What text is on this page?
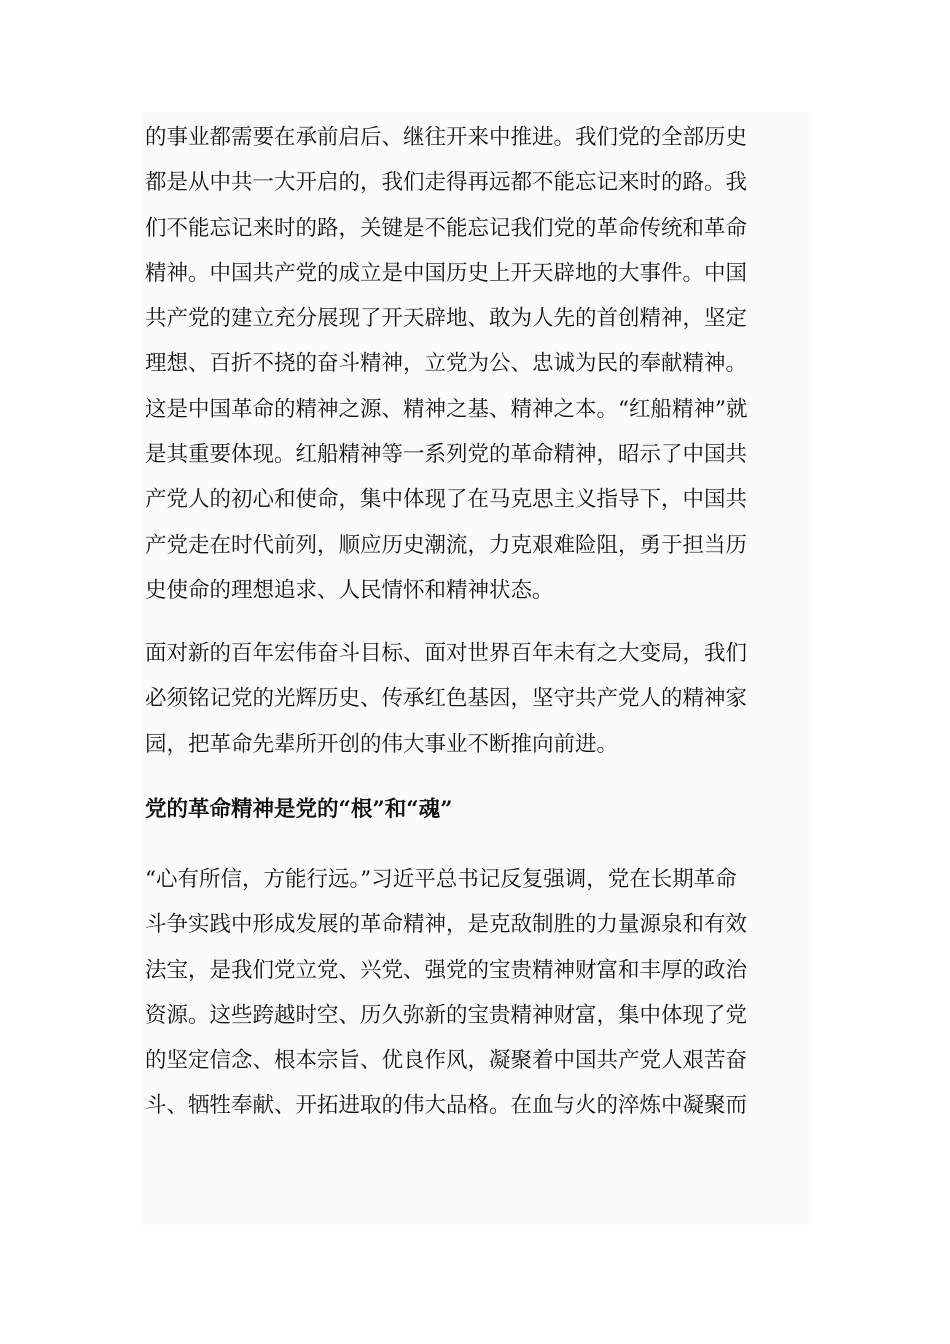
的事业都需要在承前启后、继往开来中推进。我们党的全部历史
都是从中共一大开启的，我们走得再远都不能忘记来时的路。我
们不能忘记来时的路，关键是不能忘记我们党的革命传统和革命
精神。中国共产党的成立是中国历史上开天辟地的大事件。中国
共产党的建立充分展现了开天辟地、敢为人先的首创精神，坚定
理想、百折不挠的奋斗精神，立党为公、忠诚为民的奉献精神。
这是中国革命的精神之源、精神之基、精神之本。“红船精神”就
是其重要体现。红船精神等一系列党的革命精神，昭示了中国共
产党人的初心和使命，集中体现了在马克思主义指导下，中国共
产党走在时代前列，顺应历史潮流，力克艰难险阻，勇于担当历
史使命的理想追求、人民情怀和精神状态。

面对新的百年宏伟奋斗目标、面对世界百年未有之大变局，我们
必须铭记党的光辉历史、传承红色基因，坚守共产党人的精神家
园，把革命先辈所开创的伟大事业不断推向前进。

党的革命精神是党的“根”和“魂”

“心有所信，方能行远。”习近平总书记反复强调，党在长期革命
斗争实践中形成发展的革命精神，是克敌制胜的力量源泉和有效
法宝，是我们党立党、兴党、强党的宝贵精神财富和丰厚的政治
资源。这些跨越时空、历久弥新的宝贵精神财富，集中体现了党
的坚定信念、根本宗旨、优良作风，凝聚着中国共产党人艰苦奋
斗、牺牲奉献、开拓进取的伟大品格。在血与火的淬炼中凝聚而
